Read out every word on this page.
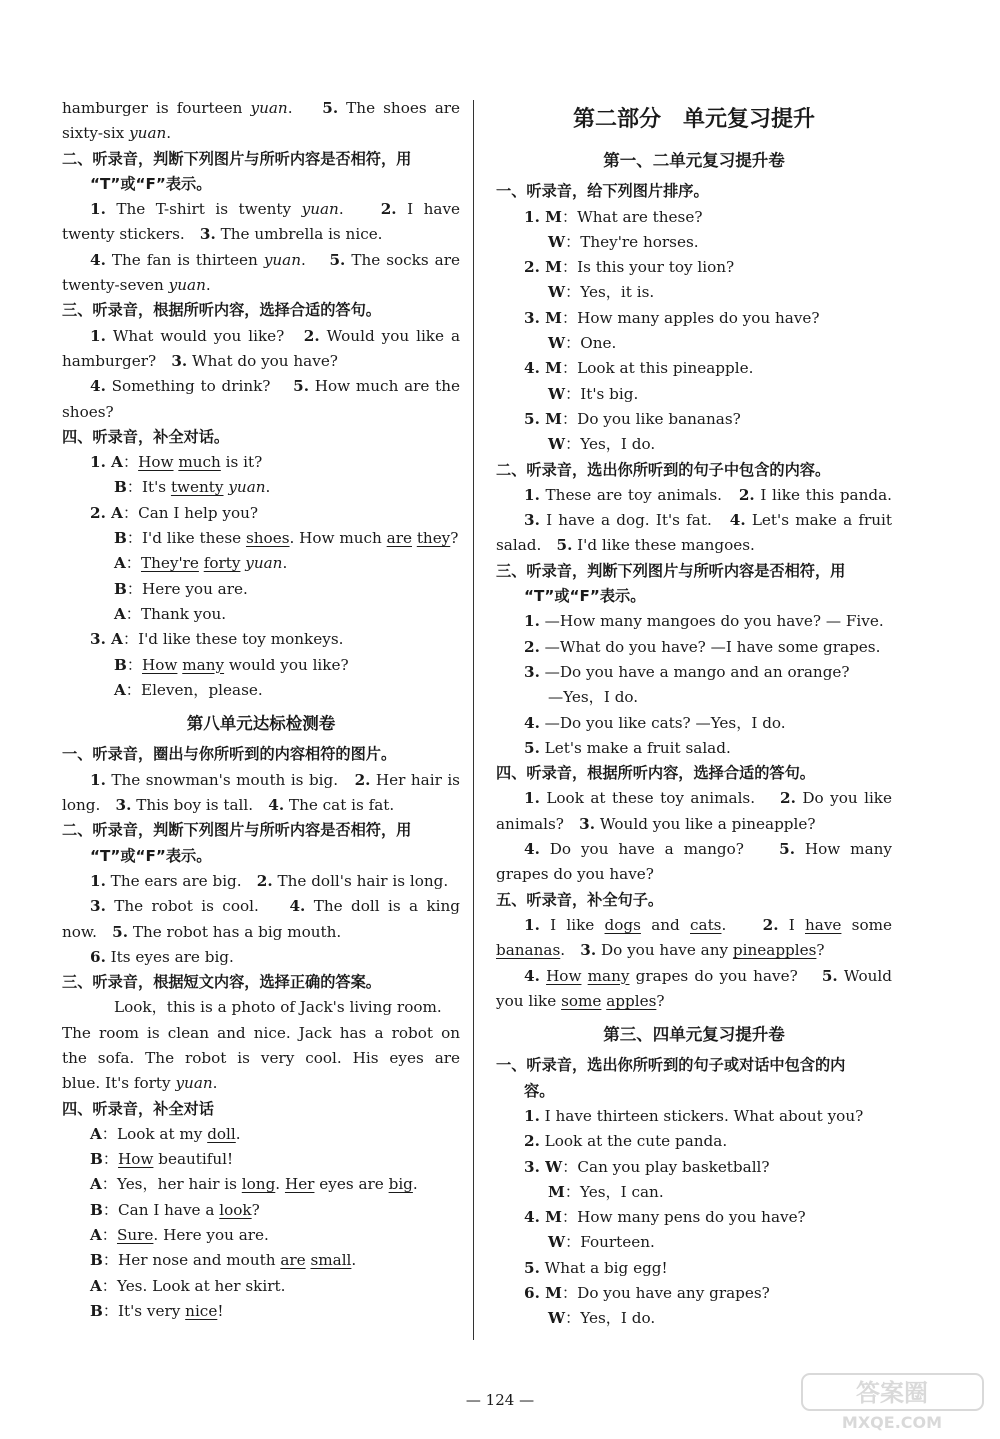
hamburger is fourteen yuan.　 5. The shoes are
sixty-six yuan.
二、听录音，判断下列图片与所听内容是否相符，用
“T”或“F”表示。
1. The T-shirt is twenty yuan.　 2. I have
twenty stickers.　3. The umbrella is nice.
4. The fan is thirteen yuan.　 5. The socks are
twenty-seven yuan.
三、听录音，根据所听内容，选择合适的答句。
1. What would you like?　2. Would you like a
hamburger?　3. What do you have?
4. Something to drink?　 5. How much are the
shoes?
四、听录音，补全对话。
1. A：How much is it?
B：It's twenty yuan.
2. A：Can I help you?
B：I'd like these shoes. How much are they?
A：They're forty yuan.
B：Here you are.
A：Thank you.
3. A：I'd like these toy monkeys.
B：How many would you like?
A：Eleven，please.
第八单元达标检测卷
一、听录音，圈出与你所听到的内容相符的图片。
1. The snowman's mouth is big.　2. Her hair is
long.　3. This boy is tall.　4. The cat is fat.
二、听录音，判断下列图片与所听内容是否相符，用
“T”或“F”表示。
1. The ears are big.　2. The doll's hair is long.
3. The robot is cool.　 4. The doll is a king
now.　5. The robot has a big mouth.
6. Its eyes are big.
三、听录音，根据短文内容，选择正确的答案。
Look，this is a photo of Jack's living room.
The room is clean and nice. Jack has a robot on
the sofa. The robot is very cool. His eyes are
blue. It's forty yuan.
四、听录音，补全对话
A：Look at my doll.
B：How beautiful!
A：Yes，her hair is long. Her eyes are big.
B：Can I have a look?
A：Sure. Here you are.
B：Her nose and mouth are small.
A：Yes. Look at her skirt.
B：It's very nice!
第二部分 单元复习提升
第一、二单元复习提升卷
一、听录音，给下列图片排序。
1. M：What are these?
W：They're horses.
2. M：Is this your toy lion?
W：Yes，it is.
3. M：How many apples do you have?
W：One.
4. M：Look at this pineapple.
W：It's big.
5. M：Do you like bananas?
W：Yes，I do.
二、听录音，选出你所听到的句子中包含的内容。
1. These are toy animals.　2. I like this panda.
3. I have a dog. It's fat.　4. Let's make a fruit
salad.　5. I'd like these mangoes.
三、听录音，判断下列图片与所听内容是否相符，用
“T”或“F”表示。
1. —How many mangoes do you have? — Five.
2. —What do you have? —I have some grapes.
3. —Do you have a mango and an orange?
—Yes，I do.
4. —Do you like cats? —Yes，I do.
5. Let's make a fruit salad.
四、听录音，根据所听内容，选择合适的答句。
1. Look at these toy animals.　 2. Do you like
animals?　3. Would you like a pineapple?
4. Do you have a mango?　 5. How many
grapes do you have?
五、听录音，补全句子。
1. I like dogs and cats.　 2. I have some
bananas.　3. Do you have any pineapples?
4. How many grapes do you have?　 5. Would
you like some apples?
第三、四单元复习提升卷
一、听录音，选出你所听到的句子或对话中包含的内
容。
1. I have thirteen stickers. What about you?
2. Look at the cute panda.
3. W：Can you play basketball?
M：Yes，I can.
4. M：How many pens do you have?
W：Fourteen.
5. What a big egg!
6. M：Do you have any grapes?
W：Yes，I do.
— 124 —	答案圈
MXQE.COM
